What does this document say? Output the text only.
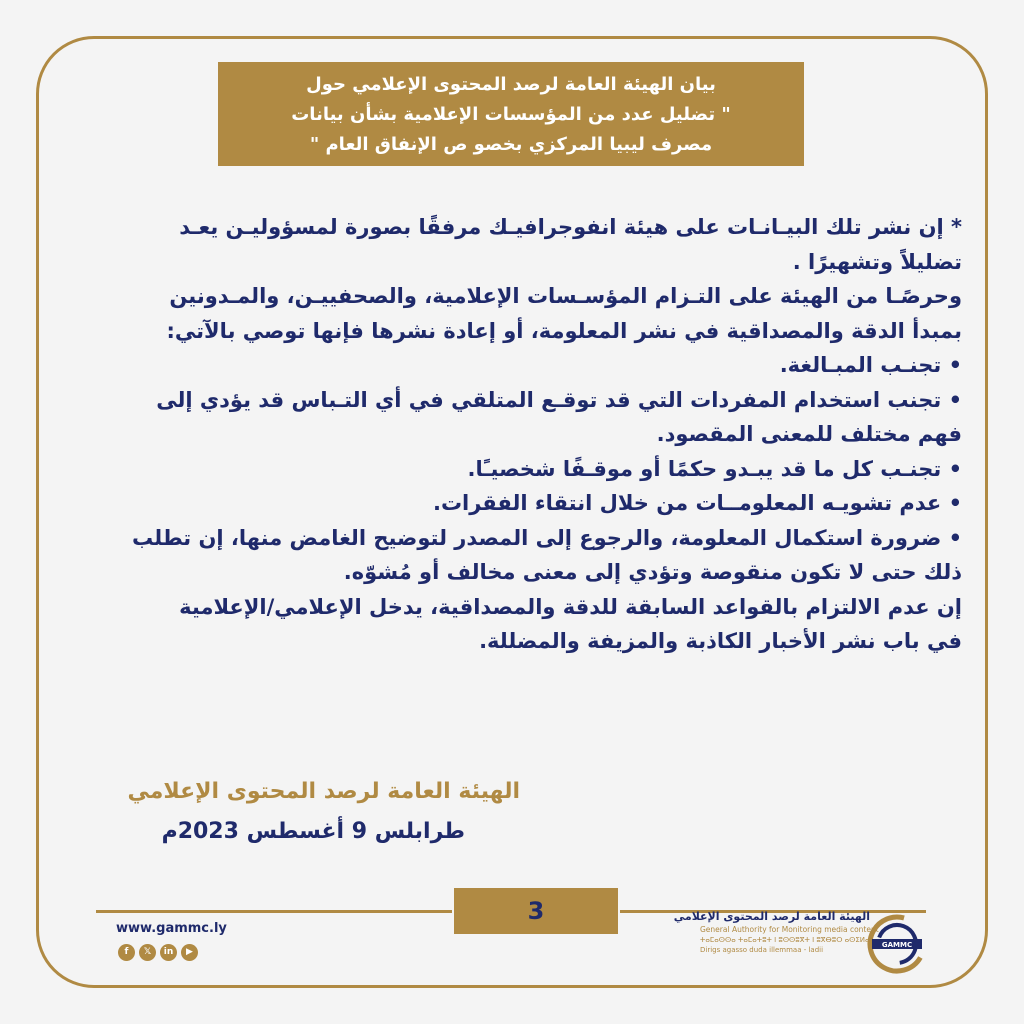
بيان الهيئة العامة لرصد المحتوى الإعلامي حول
" تضليل عدد من المؤسسات الإعلامية بشأن بيانات
مصرف ليبيا المركزي بخصو ص الإنفاق العام "
* إن نشر تلك البيـانـات على هيئة انفوجرافيـك مرفقًا بصورة لمسؤوليـن يعـد
تضليلاً وتشهيرًا .
وحرصًـا من الهيئة على التـزام المؤسـسات الإعلامية، والصحفييـن، والمـدونين
بمبدأ الدقة والمصداقية في نشر المعلومة، أو إعادة نشرها فإنها توصي بالآتي:
• تجنـب المبـالغة.
• تجنب استخدام المفردات التي قد توقـع المتلقي في أي التـباس قد يؤدي إلى
فهم مختلف للمعنى المقصود.
• تجنـب كل ما قد يبـدو حكمًا أو موقـفًا شخصيـًا.
• عدم تشويـه المعلومــات من خلال انتقاء الفقرات.
• ضرورة استكمال المعلومة، والرجوع إلى المصدر لتوضيح الغامض منها، إن تطلب
ذلك حتى لا تكون منقوصة وتؤدي إلى معنى مخالف أو مُشوّه.
إن عدم الالتزام بالقواعد السابقة للدقة والمصداقية، يدخل الإعلامي/الإعلامية
في باب نشر الأخبار الكاذبة والمزيفة والمضللة.
الهيئة العامة لرصد المحتوى الإعلامي
طرابلس 9 أغسطس 2023م
3
www.gammc.ly
f	𝕏	in	▶
الهيئة العامة لرصد المحتوى الإعلامي
General Authority for Monitoring media content
ⵜⴰⵎⴰⵙⵙⴰ ⵜⴰⵎⴰⵜⵓⵜ ⵏ ⵓⵙⵙⵓⴳⵜ ⵏ ⵓⴳⴱⵓⵔ ⴰⵙⵉⵍⴰⵏ
Dirigs agasso duda illemmaa - ladii
GAMMC
